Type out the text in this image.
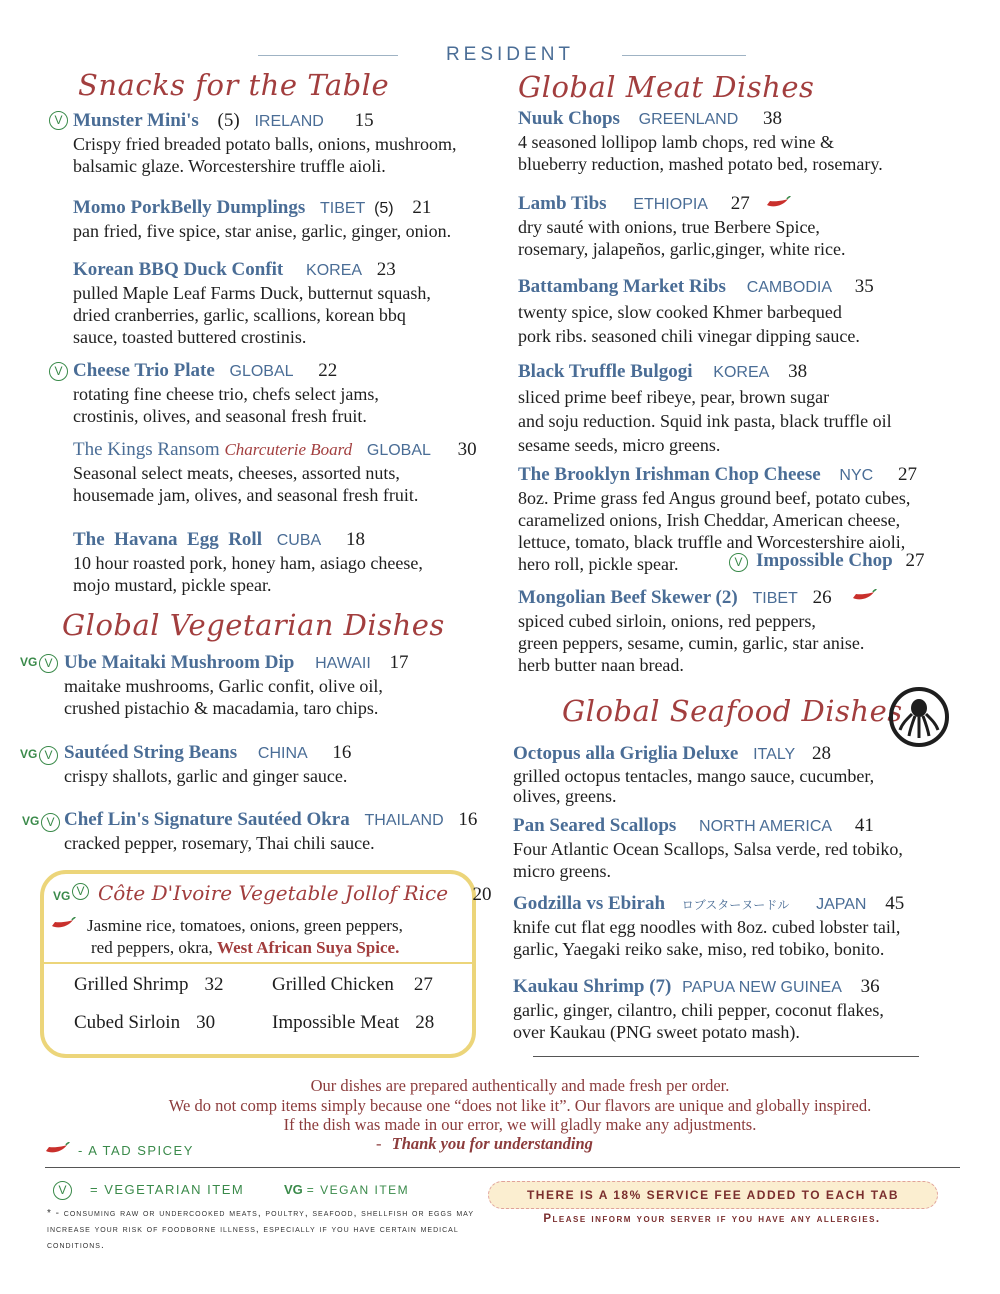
RESIDENT
Snacks for the Table
V Munster Mini's (5) IRELAND 15
Crispy fried breaded potato balls, onions, mushroom,
balsamic glaze. Worcestershire truffle aioli.
Momo PorkBelly Dumplings TIBET (5) 21
pan fried, five spice, star anise, garlic, ginger, onion.
Korean BBQ Duck Confit KOREA 23
pulled Maple Leaf Farms Duck, butternut squash,
dried cranberries, garlic, scallions, korean bbq
sauce, toasted buttered crostinis.
V Cheese Trio Plate GLOBAL 22
rotating fine cheese trio, chefs select jams,
crostinis, olives, and seasonal fresh fruit.
The Kings Ransom Charcuterie Board GLOBAL 30
Seasonal select meats, cheeses, assorted nuts,
housemade jam, olives, and seasonal fresh fruit.
The  Havana  Egg  Roll CUBA 18
10 hour roasted pork, honey ham, asiago cheese,
mojo mustard, pickle spear.
Global Vegetarian Dishes
VG V Ube Maitaki Mushroom Dip HAWAII 17
maitake mushrooms, Garlic confit, olive oil,
crushed pistachio & macadamia, taro chips.
VG V Sautéed String Beans CHINA 16
crispy shallots, garlic and ginger sauce.
VG V Chef Lin's Signature Sautéed Okra THAILAND 16
cracked pepper, rosemary, Thai chili sauce.
VG V Côte D'Ivoire Vegetable Jollof Rice 20
Jasmine rice, tomatoes, onions, green peppers,
red peppers, okra, West African Suya Spice.
Grilled Shrimp 32	Grilled Chicken 27
Cubed Sirloin 30	Impossible Meat 28
Global Meat Dishes
Nuuk Chops GREENLAND 38
4 seasoned lollipop lamb chops, red wine &
blueberry reduction, mashed potato bed, rosemary.
Lamb Tibs ETHIOPIA 27
dry sauté with onions, true Berbere Spice,
rosemary, jalapeños, garlic,ginger, white rice.
Battambang Market Ribs CAMBODIA 35
twenty spice, slow cooked Khmer barbequed
pork ribs. seasoned chili vinegar dipping sauce.
Black Truffle Bulgogi KOREA 38
sliced prime beef ribeye, pear, brown sugar
and soju reduction. Squid ink pasta, black truffle oil
sesame seeds, micro greens.
The Brooklyn Irishman Chop Cheese NYC 27
8oz. Prime grass fed Angus ground beef, potato cubes,
caramelized onions, Irish Cheddar, American cheese,
lettuce, tomato, black truffle and Worcestershire aioli,
hero roll, pickle spear.	V Impossible Chop 27
Mongolian Beef Skewer (2) TIBET 26
spiced cubed sirloin, onions, red peppers,
green peppers, sesame, cumin, garlic, star anise.
herb butter naan bread.
Global Seafood Dishes
Octopus alla Griglia Deluxe ITALY 28
grilled octopus tentacles, mango sauce, cucumber,
olives, greens.
Pan Seared Scallops NORTH AMERICA 41
Four Atlantic Ocean Scallops, Salsa verde, red tobiko,
micro greens.
Godzilla vs Ebirah ロブスターヌードル JAPAN 45
knife cut flat egg noodles with 8oz. cubed lobster tail,
garlic, Yaegaki reiko sake, miso, red tobiko, bonito.
Kaukau Shrimp (7) PAPUA NEW GUINEA 36
garlic, ginger, cilantro, chili pepper, coconut flakes,
over Kaukau (PNG sweet potato mash).
Our dishes are prepared authentically and made fresh per order.
We do not comp items simply because one “does not like it”. Our flavors are unique and globally inspired.
If the dish was made in our error, we will gladly make any adjustments.
- Thank you for understanding
- A TAD SPICEY
V	= VEGETARIAN ITEM	VG = VEGAN ITEM
* - consuming raw or undercooked meats, poultry, seafood, shellfish or eggs may increase your risk of foodborne illness, especially if you have certain medical conditions.
THERE IS A 18% SERVICE FEE ADDED TO EACH TAB
Please inform your server if you have any allergies.
